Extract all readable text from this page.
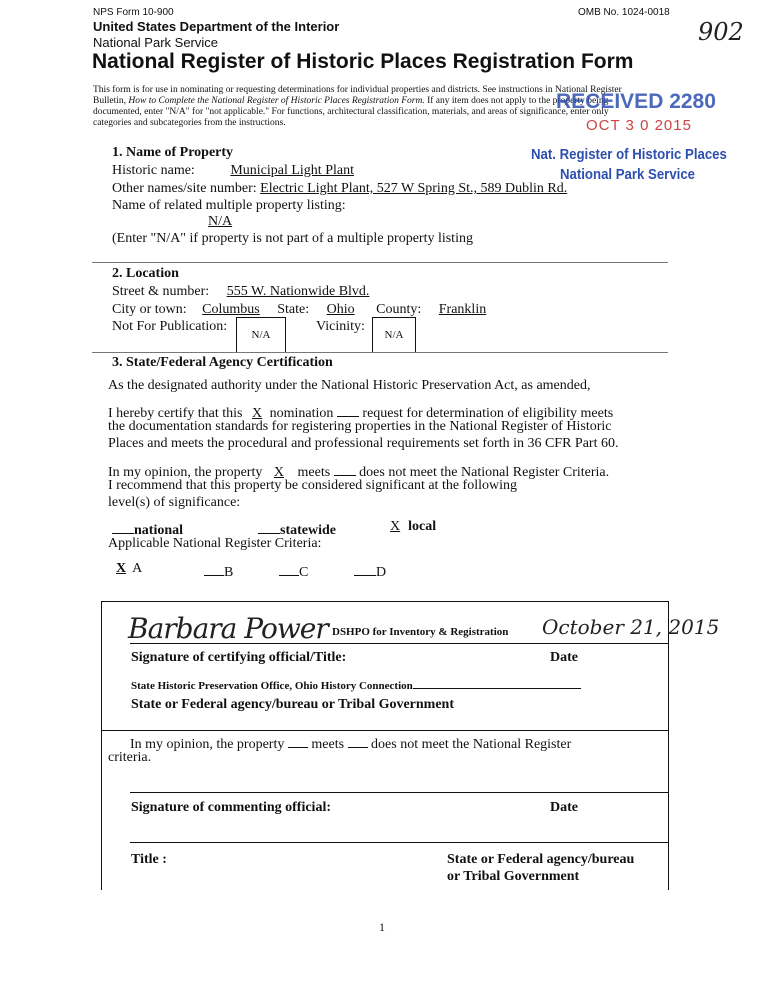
NPS Form 10-900	OMB No. 1024-0018
United States Department of the Interior
National Park Service	902
National Register of Historic Places Registration Form
This form is for use in nominating or requesting determinations for individual properties and districts. See instructions in National Register
Bulletin, How to Complete the National Register of Historic Places Registration Form. If any item does not apply to the property being
documented, enter "N/A" for "not applicable." For functions, architectural classification, materials, and areas of significance, enter only
categories and subcategories from the instructions.
RECEIVED 2280
OCT 3 0 2015
Nat. Register of Historic Places
National Park Service
1. Name of Property
Historic name:	Municipal Light Plant
Other names/site number: Electric Light Plant, 527 W Spring St., 589 Dublin Rd.
Name of related multiple property listing:
N/A
(Enter "N/A" if property is not part of a multiple property listing
2. Location
Street & number: 555 W. Nationwide Blvd.
City or town: Columbus State: Ohio County: Franklin
Not For Publication:
N/A
Vicinity:
N/A
3. State/Federal Agency Certification
As the designated authority under the National Historic Preservation Act, as amended,
I hereby certify that this X nomination request for determination of eligibility meets
the documentation standards for registering properties in the National Register of Historic
Places and meets the procedural and professional requirements set forth in 36 CFR Part 60.
In my opinion, the property X meets does not meet the National Register Criteria.
I recommend that this property be considered significant at the following
level(s) of significance:
national	statewide	X local
Applicable National Register Criteria:
X A	B	C	D
Barbara Power DSHPO for Inventory & Registration October 21, 2015
Signature of certifying official/Title:	Date
State Historic Preservation Office, Ohio History Connection
State or Federal agency/bureau or Tribal Government
In my opinion, the property meets does not meet the National Register
criteria.
Signature of commenting official:	Date
Title :	State or Federal agency/bureau
or Tribal Government
1
